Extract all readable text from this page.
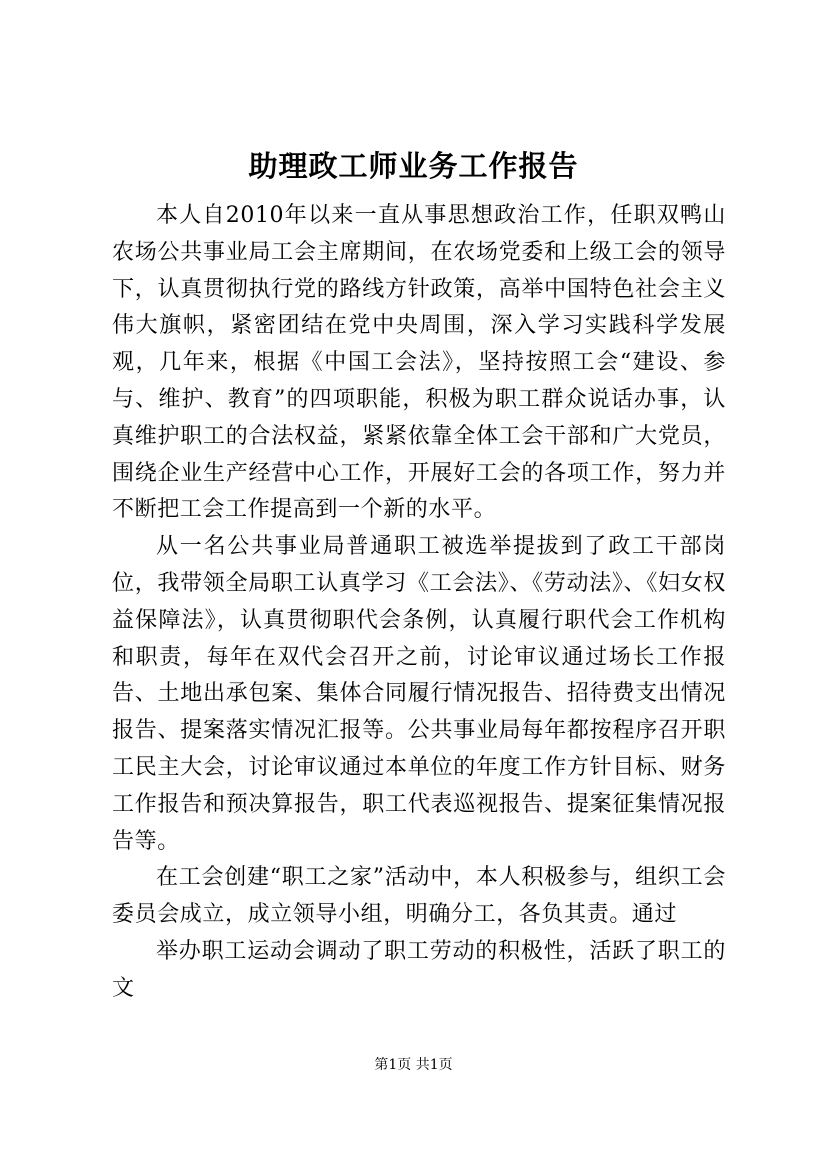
助理政工师业务工作报告

本人自2010年以来一直从事思想政治工作，任职双鸭山农场公共事业局工会主席期间，在农场党委和上级工会的领导下，认真贯彻执行党的路线方针政策，高举中国特色社会主义伟大旗帜，紧密团结在党中央周围，深入学习实践科学发展观，几年来，根据《中国工会法》，坚持按照工会“建设、参与、维护、教育”的四项职能，积极为职工群众说话办事，认真维护职工的合法权益，紧紧依靠全体工会干部和广大党员，围绕企业生产经营中心工作，开展好工会的各项工作，努力并不断把工会工作提高到一个新的水平。

从一名公共事业局普通职工被选举提拔到了政工干部岗位，我带领全局职工认真学习《工会法》、《劳动法》、《妇女权益保障法》，认真贯彻职代会条例，认真履行职代会工作机构和职责，每年在双代会召开之前，讨论审议通过场长工作报告、土地出承包案、集体合同履行情况报告、招待费支出情况报告、提案落实情况汇报等。公共事业局每年都按程序召开职工民主大会，讨论审议通过本单位的年度工作方针目标、财务工作报告和预决算报告，职工代表巡视报告、提案征集情况报告等。

在工会创建“职工之家”活动中，本人积极参与，组织工会委员会成立，成立领导小组，明确分工，各负其责。通过

举办职工运动会调动了职工劳动的积极性，活跃了职工的文

第1页 共1页
